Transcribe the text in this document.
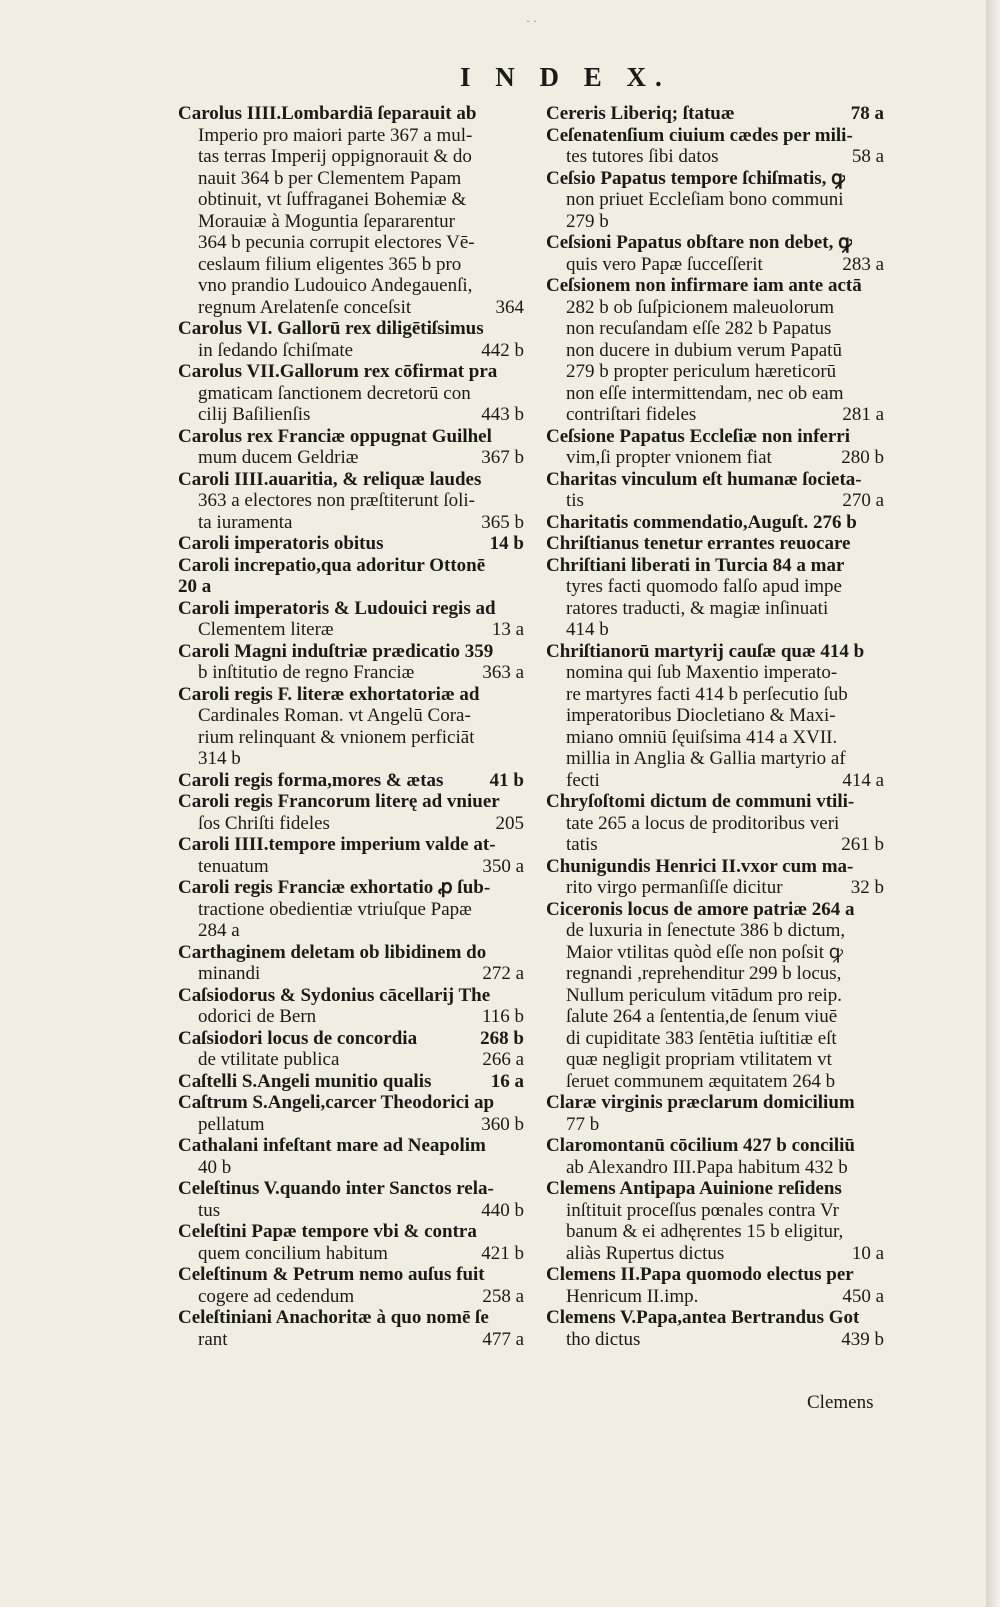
· ·
I N D E X.
Carolus IIII.Lombardiā ſeparauit ab
Imperio pro maiori parte 367 a mul-
tas terras Imperij oppignorauit & do
nauit 364 b per Clementem Papam
obtinuit, vt ſuffraganei Bohemiæ &
Morauiæ à Moguntia ſepararentur
364 b pecunia corrupit electores Vē-
ceslaum filium eligentes 365 b pro
vno prandio Ludouico Andegauenſi,
regnum Arelatenſe conceſsit	364
Carolus VI. Gallorū rex diligētiſsimus
in ſedando ſchiſmate	442 b
Carolus VII.Gallorum rex cōfirmat pra
gmaticam ſanctionem decretorū con
cilij Baſilienſis	443 b
Carolus rex Franciæ oppugnat Guilhel
mum ducem Geldriæ	367 b
Caroli IIII.auaritia, & reliquæ laudes
363 a electores non præſtiterunt ſoli-
ta iuramenta	365 b
Caroli imperatoris obitus	14 b
Caroli increpatio,qua adoritur Ottonē
20 a
Caroli imperatoris & Ludouici regis ad
Clementem literæ	13 a
Caroli Magni induſtriæ prædicatio 359
b inſtitutio de regno Franciæ	363 a
Caroli regis F. literæ exhortatoriæ ad
Cardinales Roman. vt Angelū Cora-
rium relinquant & vnionem perficiāt
314 b
Caroli regis forma,mores & ætas	41 b
Caroli regis Francorum literę ad vniuer
ſos Chriſti fideles	205
Caroli IIII.tempore imperium valde at-
tenuatum	350 a
Caroli regis Franciæ exhortatio ꝓ ſub-
tractione obedientiæ vtriuſque Papæ
284 a
Carthaginem deletam ob libidinem do
minandi	272 a
Caſsiodorus & Sydonius cācellarij The
odorici de Bern	116 b
Caſsiodori locus de concordia	268 b
de vtilitate publica	266 a
Caſtelli S.Angeli munitio qualis	16 a
Caſtrum S.Angeli,carcer Theodorici ap
pellatum	360 b
Cathalani infeſtant mare ad Neapolim
40 b
Celeſtinus V.quando inter Sanctos rela-
tus	440 b
Celeſtini Papæ tempore vbi & contra
quem concilium habitum	421 b
Celeſtinum & Petrum nemo auſus fuit
cogere ad cedendum	258 a
Celeſtiniani Anachoritæ à quo nomē ſe
rant	477 a
Cereris Liberiq; ſtatuæ	78 a
Ceſenatenſium ciuium cædes per mili-
tes tutores ſibi datos	58 a
Ceſsio Papatus tempore ſchiſmatis, ꝙ
non priuet Eccleſiam bono communi
279 b
Ceſsioni Papatus obſtare non debet, ꝙ
quis vero Papæ ſucceſſerit	283 a
Ceſsionem non infirmare iam ante actā
282 b ob ſuſpicionem maleuolorum
non recuſandam eſſe 282 b Papatus
non ducere in dubium verum Papatū
279 b propter periculum hæreticorū
non eſſe intermittendam, nec ob eam
contriſtari fideles	281 a
Ceſsione Papatus Eccleſiæ non inferri
vim,ſi propter vnionem fiat	280 b
Charitas vinculum eſt humanæ ſocieta-
tis	270 a
Charitatis commendatio,Auguſt. 276 b
Chriſtianus tenetur errantes reuocare
Chriſtiani liberati in Turcia 84 a mar
tyres facti quomodo falſo apud impe
ratores traducti, & magiæ inſinuati
414 b
Chriſtianorū martyrij cauſæ quæ 414 b
nomina qui ſub Maxentio imperato-
re martyres facti 414 b perſecutio ſub
imperatoribus Diocletiano & Maxi-
miano omniū ſęuiſsima 414 a XVII.
millia in Anglia & Gallia martyrio af
fecti	414 a
Chryſoſtomi dictum de communi vtili-
tate 265 a locus de proditoribus veri
tatis	261 b
Chunigundis Henrici II.vxor cum ma-
rito virgo permanſiſſe dicitur	32 b
Ciceronis locus de amore patriæ 264 a
de luxuria in ſenectute 386 b dictum,
Maior vtilitas quòd eſſe non poſsit ꝙ
regnandi ,reprehenditur 299 b locus,
Nullum periculum vitādum pro reip.
ſalute 264 a ſententia,de ſenum viuē
di cupiditate 383 ſentētia iuſtitiæ eſt
quæ negligit propriam vtilitatem vt
ſeruet communem æquitatem 264 b
Claræ virginis præclarum domicilium
77 b
Claromontanū cōcilium 427 b conciliū
ab Alexandro III.Papa habitum 432 b
Clemens Antipapa Auinione reſidens
inſtituit proceſſus pœnales contra Vr
banum & ei adhęrentes 15 b eligitur,
aliàs Rupertus dictus	10 a
Clemens II.Papa quomodo electus per
Henricum II.imp.	450 a
Clemens V.Papa,antea Bertrandus Got
tho dictus	439 b
Clemens
